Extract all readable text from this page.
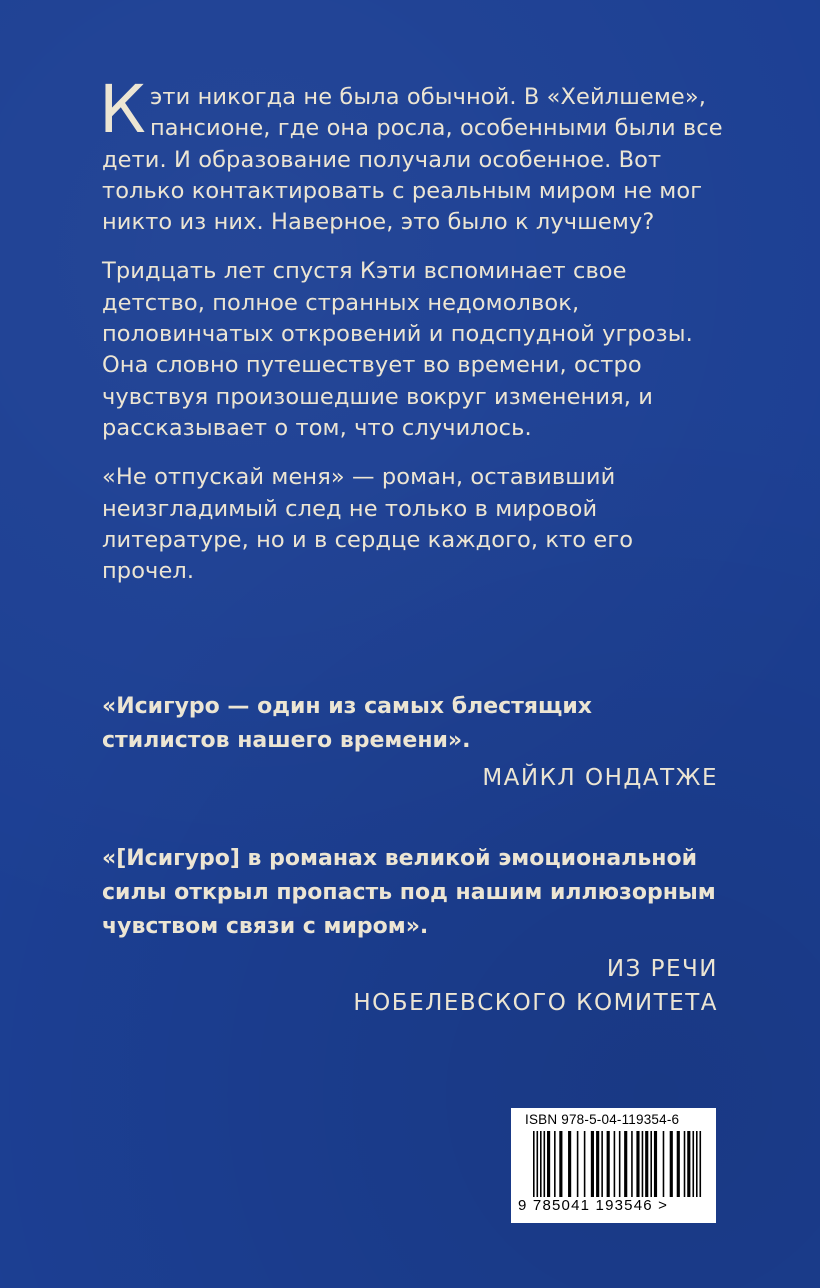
Кэти никогда не была обычной. В «Хейлшеме», пансионе, где она росла, особенными были все дети. И образование получали особенное. Вот только контактировать с реальным миром не мог никто из них. Наверное, это было к лучшему?

Тридцать лет спустя Кэти вспоминает свое детство, полное странных недомолвок, половинчатых откровений и подспудной угрозы. Она словно путешествует во времени, остро чувствуя произошедшие вокруг изменения, и рассказывает о том, что случилось.

«Не отпускай меня» — роман, оставивший неизгладимый след не только в мировой литературе, но и в сердце каждого, кто его прочел.

«Исигуро — один из самых блестящих стилистов нашего времени».
МАЙКЛ ОНДАТЖЕ
«[Исигуро] в романах великой эмоциональной силы открыл пропасть под нашим иллюзорным чувством связи с миром».
ИЗ РЕЧИ
НОБЕЛЕВСКОГО КОМИТЕТА
ISBN 978-5-04-119354-6
9 785041 193546 >
